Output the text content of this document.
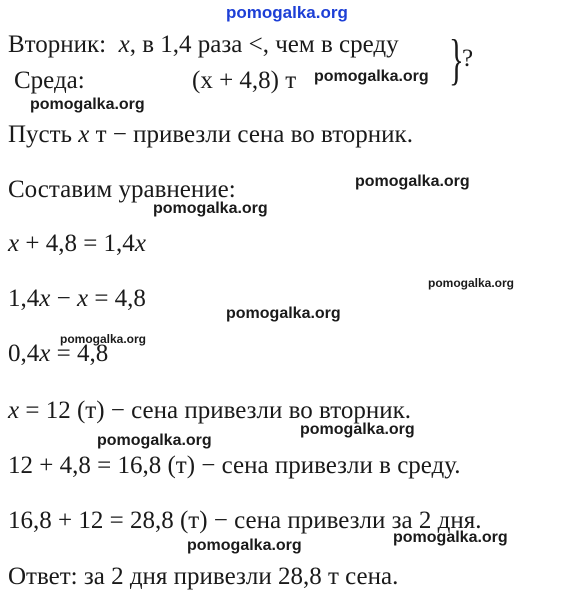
pomogalka.org
Вторник: x, в 1,4 раза <, чем в среду
Среда:	(x + 4,8) т	}
?
Пусть x т − привезли сена во вторник.
Составим уравнение:
x + 4,8 = 1,4x
1,4x − x = 4,8
0,4x = 4,8
x = 12 (т) − сена привезли во вторник.
12 + 4,8 = 16,8 (т) − сена привезли в среду.
16,8 + 12 = 28,8 (т) − сена привезли за 2 дня.
Ответ: за 2 дня привезли 28,8 т сена.
pomogalka.org
pomogalka.org
pomogalka.org
pomogalka.org
pomogalka.org
pomogalka.org
pomogalka.org
pomogalka.org
pomogalka.org
pomogalka.org
pomogalka.org
